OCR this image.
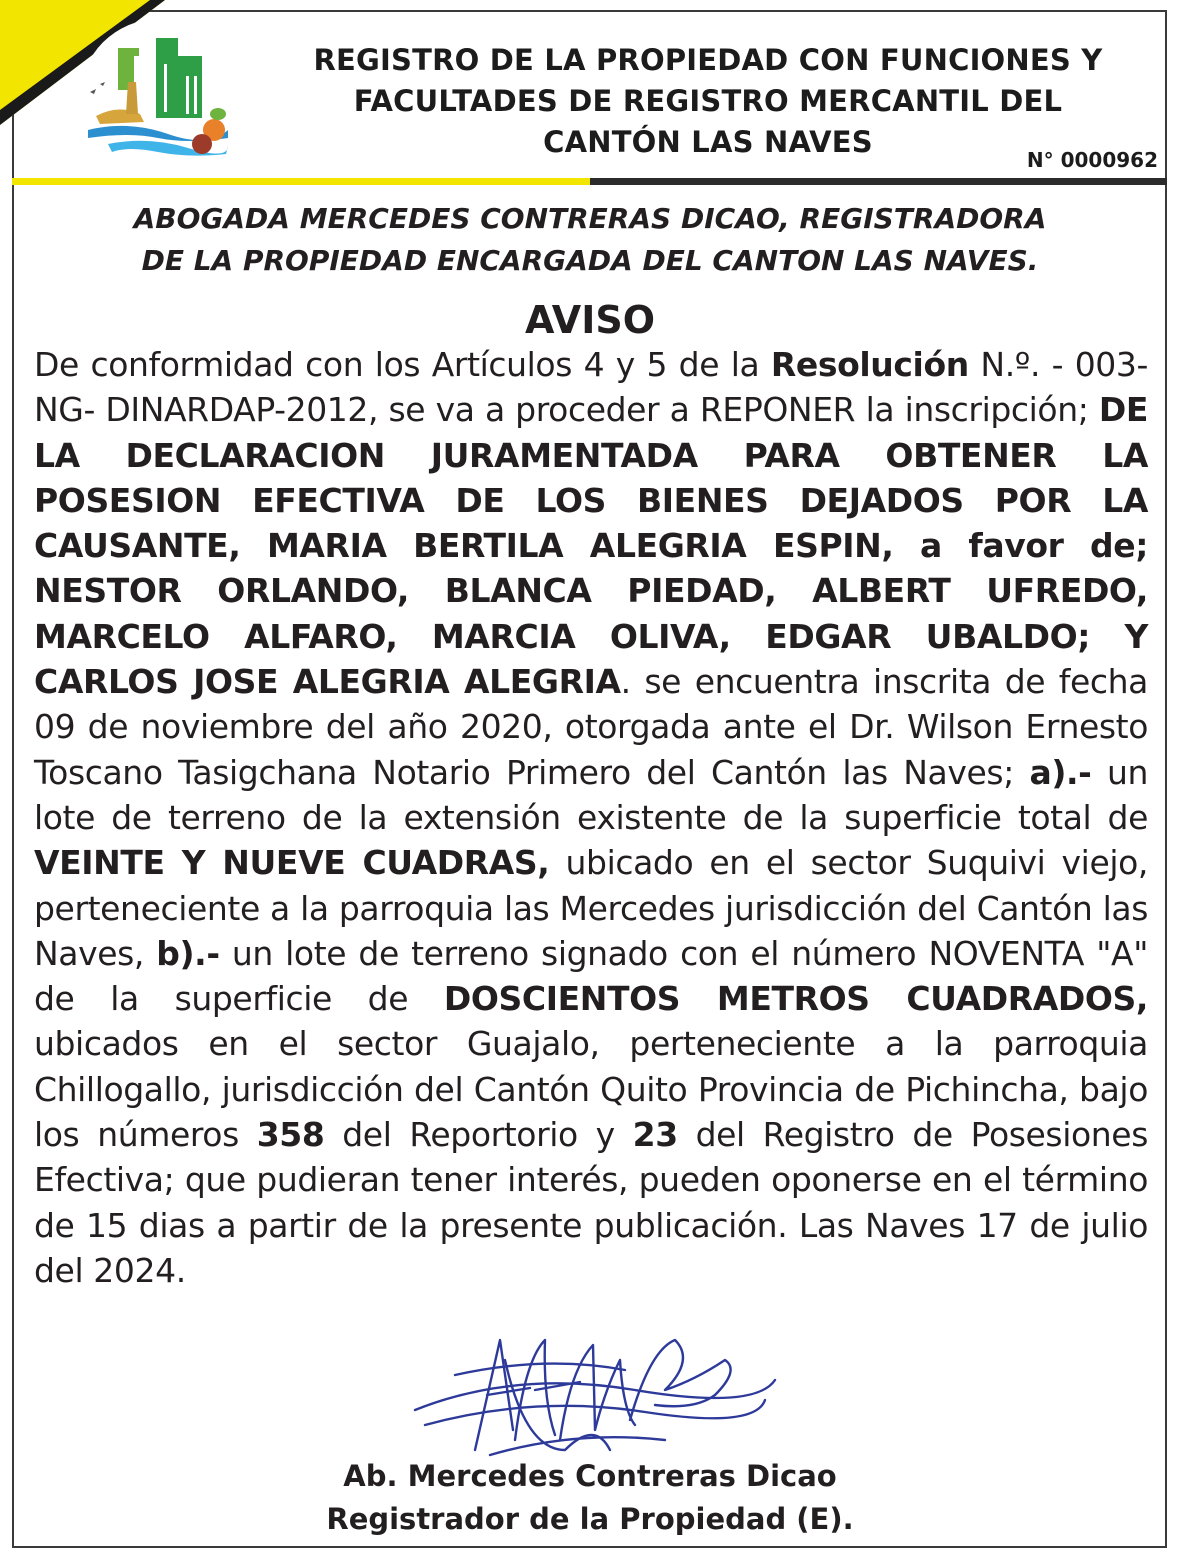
REGISTRO DE LA PROPIEDAD CON FUNCIONES Y
FACULTADES DE REGISTRO MERCANTIL DEL
CANTÓN LAS NAVES
N° 0000962
ABOGADA MERCEDES CONTRERAS DICAO, REGISTRADORA
DE LA PROPIEDAD ENCARGADA DEL CANTON LAS NAVES.
AVISO
De conformidad con los Artículos 4 y 5 de la Resolución N.º. - 003-NG- DINARDAP-2012, se va a proceder a REPONER la inscripción; DE LA DECLARACION JURAMENTADA PARA OBTENER LA POSESION EFECTIVA DE LOS BIENES DEJADOS POR LA CAUSANTE, MARIA BERTILA ALEGRIA ESPIN, a favor de; NESTOR ORLANDO, BLANCA PIEDAD, ALBERT UFREDO, MARCELO ALFARO, MARCIA OLIVA, EDGAR UBALDO; Y CARLOS JOSE ALEGRIA ALEGRIA. se encuentra inscrita de fecha 09 de noviembre del año 2020, otorgada ante el Dr. Wilson Ernesto Toscano Tasigchana Notario Primero del Cantón las Naves; a).- un lote de terreno de la extensión existente de la superficie total de VEINTE Y NUEVE CUADRAS, ubicado en el sector Suquivi viejo, perteneciente a la parroquia las Mercedes jurisdicción del Cantón las Naves, b).- un lote de terreno signado con el número NOVENTA "A" de la superficie de DOSCIENTOS METROS CUADRADOS, ubicados en el sector Guajalo, perteneciente a la parroquia Chillogallo, jurisdicción del Cantón Quito Provincia de Pichincha, bajo los números 358 del Reportorio y 23 del Registro de Posesiones Efectiva; que pudieran tener interés, pueden oponerse en el término de 15 dias a partir de la presente publicación. Las Naves 17 de julio del 2024.
Ab. Mercedes Contreras Dicao
Registrador de la Propiedad (E).
